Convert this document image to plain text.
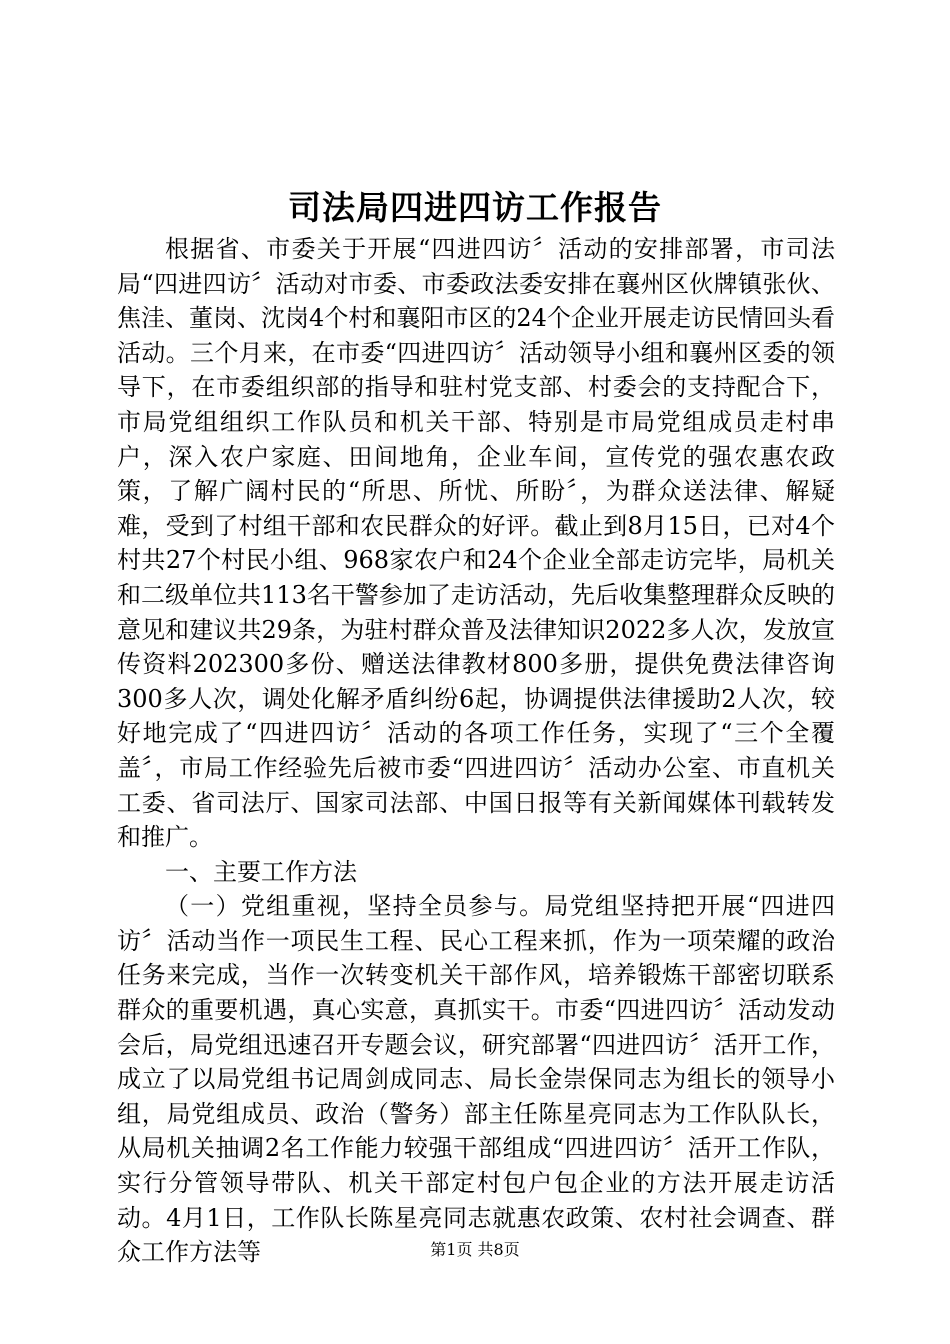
司法局四进四访工作报告

根据省、市委关于开展“四进四访〞活动的安排部署，市司法局“四进四访〞活动对市委、市委政法委安排在襄州区伙牌镇张伙、焦洼、董岗、沈岗4个村和襄阳市区的24个企业开展走访民情回头看活动。三个月来，在市委“四进四访〞活动领导小组和襄州区委的领导下，在市委组织部的指导和驻村党支部、村委会的支持配合下，市局党组组织工作队员和机关干部、特别是市局党组成员走村串户，深入农户家庭、田间地角，企业车间，宣传党的强农惠农政策，了解广阔村民的“所思、所忧、所盼〞，为群众送法律、解疑难，受到了村组干部和农民群众的好评。截止到8月15日，已对4个村共27个村民小组、968家农户和24个企业全部走访完毕，局机关和二级单位共113名干警参加了走访活动，先后收集整理群众反映的意见和建议共29条，为驻村群众普及法律知识2022多人次，发放宣传资料202300多份、赠送法律教材800多册，提供免费法律咨询300多人次，调处化解矛盾纠纷6起，协调提供法律援助2人次，较好地完成了“四进四访〞活动的各项工作任务，实现了“三个全覆盖〞，市局工作经验先后被市委“四进四访〞活动办公室、市直机关工委、省司法厅、国家司法部、中国日报等有关新闻媒体刊载转发和推广。

一、主要工作方法

（一）党组重视，坚持全员参与。局党组坚持把开展“四进四访〞活动当作一项民生工程、民心工程来抓，作为一项荣耀的政治任务来完成，当作一次转变机关干部作风，培养锻炼干部密切联系群众的重要机遇，真心实意，真抓实干。市委“四进四访〞活动发动会后，局党组迅速召开专题会议，研究部署“四进四访〞活开工作，成立了以局党组书记周剑成同志、局长金崇保同志为组长的领导小组，局党组成员、政治（警务）部主任陈星亮同志为工作队队长，从局机关抽调2名工作能力较强干部组成“四进四访〞活开工作队，实行分管领导带队、机关干部定村包户包企业的方法开展走访活动。4月1日，工作队长陈星亮同志就惠农政策、农村社会调查、群众工作方法等	第1页 共8页
